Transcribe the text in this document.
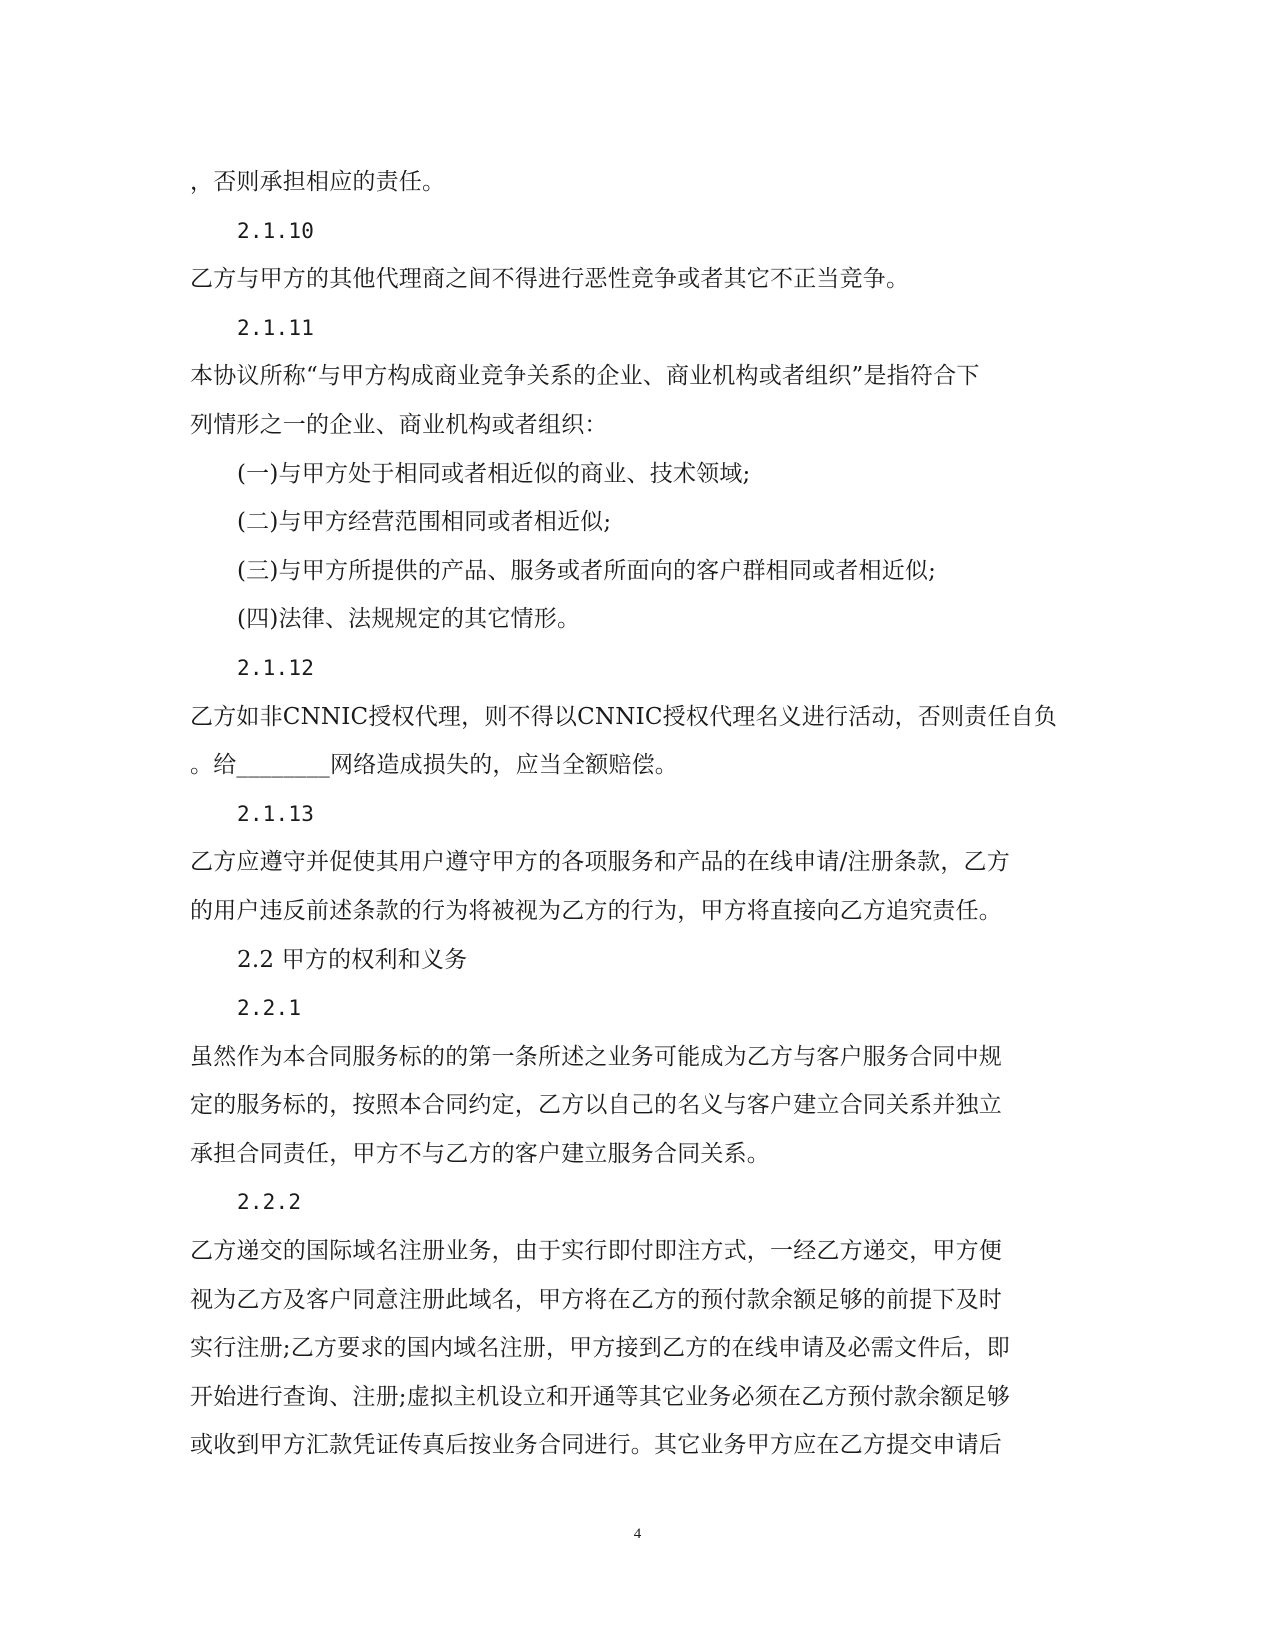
，否则承担相应的责任。
2.1.10
乙方与甲方的其他代理商之间不得进行恶性竞争或者其它不正当竞争。
2.1.11
本协议所称“与甲方构成商业竞争关系的企业、商业机构或者组织”是指符合下
列情形之一的企业、商业机构或者组织：
(一)与甲方处于相同或者相近似的商业、技术领域;
(二)与甲方经营范围相同或者相近似;
(三)与甲方所提供的产品、服务或者所面向的客户群相同或者相近似;
(四)法律、法规规定的其它情形。
2.1.12
乙方如非CNNIC授权代理，则不得以CNNIC授权代理名义进行活动，否则责任自负
。给________网络造成损失的，应当全额赔偿。
2.1.13
乙方应遵守并促使其用户遵守甲方的各项服务和产品的在线申请/注册条款，乙方
的用户违反前述条款的行为将被视为乙方的行为，甲方将直接向乙方追究责任。
2.2 甲方的权利和义务
2.2.1
虽然作为本合同服务标的的第一条所述之业务可能成为乙方与客户服务合同中规
定的服务标的，按照本合同约定，乙方以自己的名义与客户建立合同关系并独立
承担合同责任，甲方不与乙方的客户建立服务合同关系。
2.2.2
乙方递交的国际域名注册业务，由于实行即付即注方式，一经乙方递交，甲方便
视为乙方及客户同意注册此域名，甲方将在乙方的预付款余额足够的前提下及时
实行注册;乙方要求的国内域名注册，甲方接到乙方的在线申请及必需文件后，即
开始进行查询、注册;虚拟主机设立和开通等其它业务必须在乙方预付款余额足够
或收到甲方汇款凭证传真后按业务合同进行。其它业务甲方应在乙方提交申请后
4
